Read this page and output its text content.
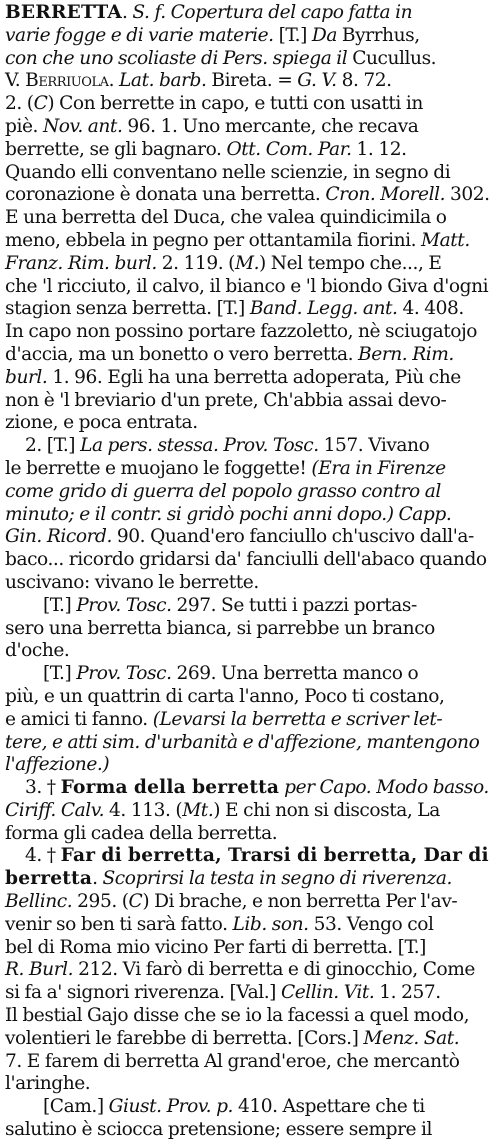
BERRETTA. S. f. Copertura del capo fatta in
varie fogge e di varie materie. [T.] Da Byrrhus,
con che uno scoliaste di Pers. spiega il Cucullus.
V. Berriuola. Lat. barb. Bireta. = G. V. 8. 72.
2. (C) Con berrette in capo, e tutti con usatti in
piè. Nov. ant. 96. 1. Uno mercante, che recava
berrette, se gli bagnaro. Ott. Com. Par. 1. 12.
Quando elli conventano nelle scienzie, in segno di
coronazione è donata una berretta. Cron. Morell. 302.
E una berretta del Duca, che valea quindicimila o
meno, ebbela in pegno per ottantamila fiorini. Matt.
Franz. Rim. burl. 2. 119. (M.) Nel tempo che..., E
che 'l ricciuto, il calvo, il bianco e 'l biondo Giva d'ogni
stagion senza berretta. [T.] Band. Legg. ant. 4. 408.
In capo non possino portare fazzoletto, nè sciugatojo
d'accia, ma un bonetto o vero berretta. Bern. Rim.
burl. 1. 96. Egli ha una berretta adoperata, Più che
non è 'l breviario d'un prete, Ch'abbia assai devo-
zione, e poca entrata.
2. [T.] La pers. stessa. Prov. Tosc. 157. Vivano
le berrette e muojano le foggette! (Era in Firenze
come grido di guerra del popolo grasso contro al
minuto; e il contr. si gridò pochi anni dopo.) Capp.
Gin. Ricord. 90. Quand'ero fanciullo ch'uscivo dall'a-
baco... ricordo gridarsi da' fanciulli dell'abaco quando
uscivano: vivano le berrette.
[T.] Prov. Tosc. 297. Se tutti i pazzi portas-
sero una berretta bianca, si parrebbe un branco
d'oche.
[T.] Prov. Tosc. 269. Una berretta manco o
più, e un quattrin di carta l'anno, Poco ti costano,
e amici ti fanno. (Levarsi la berretta e scriver let-
tere, e atti sim. d'urbanità e d'affezione, mantengono
l'affezione.)
3. † Forma della berretta per Capo. Modo basso.
Ciriff. Calv. 4. 113. (Mt.) E chi non si discosta, La
forma gli cadea della berretta.
4. † Far di berretta, Trarsi di berretta, Dar di
berretta. Scoprirsi la testa in segno di riverenza.
Bellinc. 295. (C) Di brache, e non berretta Per l'av-
venir so ben ti sarà fatto. Lib. son. 53. Vengo col
bel di Roma mio vicino Per farti di berretta. [T.]
R. Burl. 212. Vi farò di berretta e di ginocchio, Come
si fa a' signori riverenza. [Val.] Cellin. Vit. 1. 257.
Il bestial Gajo disse che se io la facessi a quel modo,
volentieri le farebbe di berretta. [Cors.] Menz. Sat.
7. E farem di berretta Al grand'eroe, che mercantò
l'aringhe.
[Cam.] Giust. Prov. p. 410. Aspettare che ti
salutino è sciocca pretensione; essere sempre il
